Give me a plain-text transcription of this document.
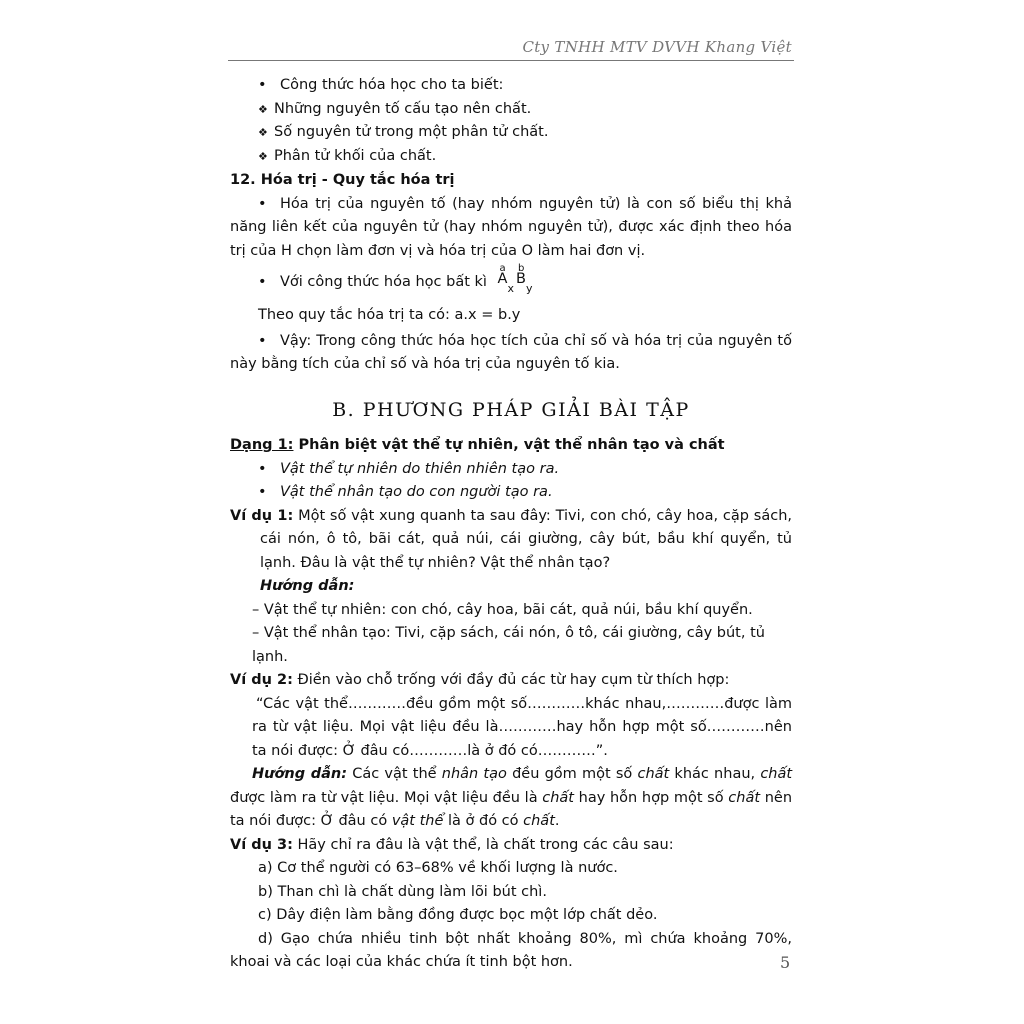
Cty TNHH MTV DVVH Khang Việt

• Công thức hóa học cho ta biết:

❖ Những nguyên tố cấu tạo nên chất.

❖ Số nguyên tử trong một phân tử chất.

❖ Phân tử khối của chất.

12. Hóa trị - Quy tắc hóa trị

• Hóa trị của nguyên tố (hay nhóm nguyên tử) là con số biểu thị khả năng liên kết của nguyên tử (hay nhóm nguyên tử), được xác định theo hóa trị của H chọn làm đơn vị và hóa trị của O làm hai đơn vị.

• Với công thức hóa học bất kì
a
$A_x$
b
$B_y$

Theo quy tắc hóa trị ta có: a.x = b.y

• Vậy: Trong công thức hóa học tích của chỉ số và hóa trị của nguyên tố này bằng tích của chỉ số và hóa trị của nguyên tố kia.

B. PHƯƠNG PHÁP GIẢI BÀI TẬP

Dạng 1: Phân biệt vật thể tự nhiên, vật thể nhân tạo và chất

• Vật thể tự nhiên do thiên nhiên tạo ra.

• Vật thể nhân tạo do con người tạo ra.

Ví dụ 1: Một số vật xung quanh ta sau đây: Tivi, con chó, cây hoa, cặp sách, cái nón, ô tô, bãi cát, quả núi, cái giường, cây bút, bầu khí quyển, tủ lạnh. Đâu là vật thể tự nhiên? Vật thể nhân tạo?

Hướng dẫn:

– Vật thể tự nhiên: con chó, cây hoa, bãi cát, quả núi, bầu khí quyển.

– Vật thể nhân tạo: Tivi, cặp sách, cái nón, ô tô, cái giường, cây bút, tủ lạnh.

Ví dụ 2: Điền vào chỗ trống với đầy đủ các từ hay cụm từ thích hợp:

“Các vật thể…………đều gồm một số…………khác nhau,…………được làm ra từ vật liệu. Mọi vật liệu đều là…………hay hỗn hợp một số…………nên ta nói được: Ở đâu có…………là ở đó có…………”.

Hướng dẫn: Các vật thể nhân tạo đều gồm một số chất khác nhau, chất được làm ra từ vật liệu. Mọi vật liệu đều là chất hay hỗn hợp một số chất nên ta nói được: Ở đâu có vật thể là ở đó có chất.

Ví dụ 3: Hãy chỉ ra đâu là vật thể, là chất trong các câu sau:

a) Cơ thể người có 63–68% về khối lượng là nước.

b) Than chì là chất dùng làm lõi bút chì.

c) Dây điện làm bằng đồng được bọc một lớp chất dẻo.

d) Gạo chứa nhiều tinh bột nhất khoảng 80%, mì chứa khoảng 70%, khoai và các loại của khác chứa ít tinh bột hơn.	5
